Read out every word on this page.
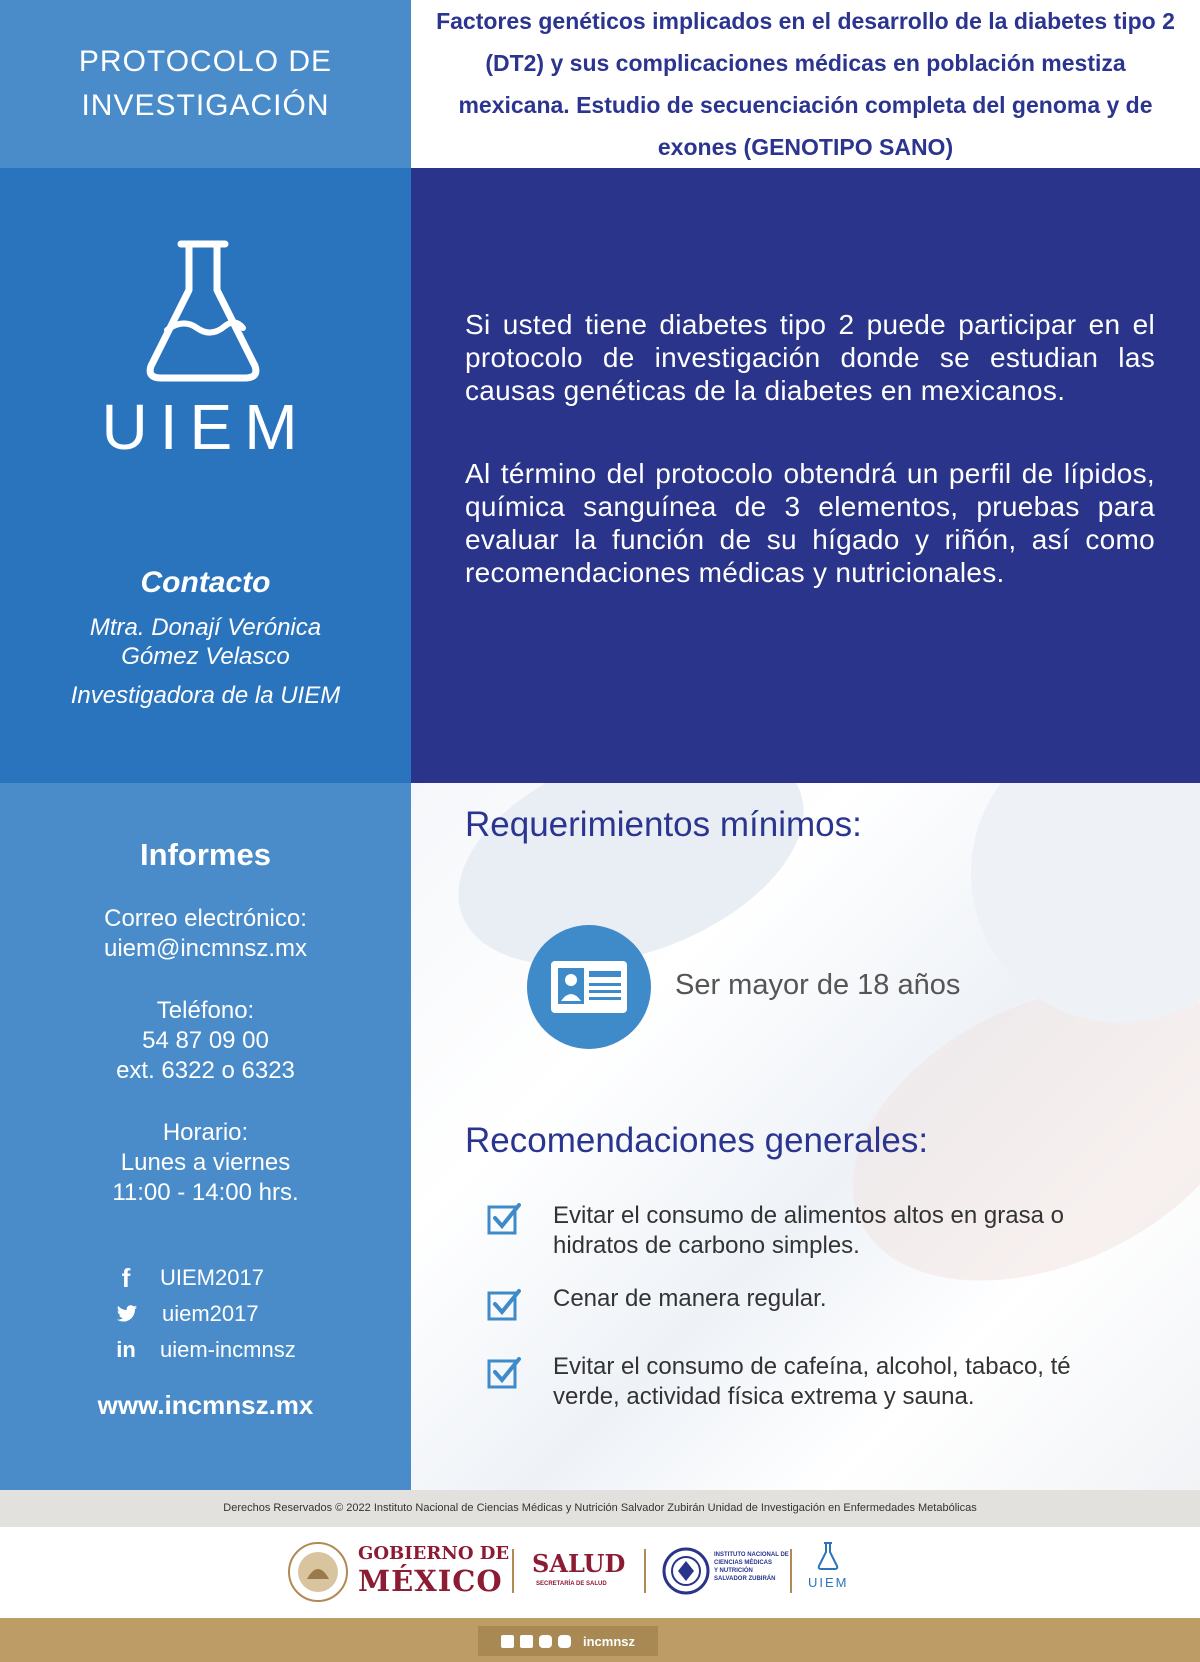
PROTOCOLO DE
INVESTIGACIÓN

Factores genéticos implicados en el desarrollo de la diabetes tipo 2 (DT2) y sus complicaciones médicas en población mestiza mexicana. Estudio de secuenciación completa del genoma y de exones (GENOTIPO SANO)

UIEM
Contacto
Mtra. Donají Verónica
Gómez Velasco
Investigadora de la UIEM

Si usted tiene diabetes tipo 2 puede participar en el protocolo de investigación donde se estudian las causas genéticas de la diabetes en mexicanos.

Al término del protocolo obtendrá un perfil de lípidos, química sanguínea de 3 elementos, pruebas para evaluar la función de su hígado y riñón, así como recomendaciones médicas y nutricionales.

Informes
Correo electrónico:
uiem@incmnsz.mx
Teléfono:
54 87 09 00
ext. 6322 o 6323
Horario:
Lunes a viernes
11:00 - 14:00 hrs.
f	UIEM2017
uiem2017
in uiem-incmnsz
www.incmnsz.mx
Requerimientos mínimos:
Ser mayor de 18 años
Recomendaciones generales:
Evitar el consumo de alimentos altos en grasa o hidratos de carbono simples.
Cenar de manera regular.
Evitar el consumo de cafeína, alcohol, tabaco, té verde, actividad física extrema y sauna.
Derechos Reservados © 2022 Instituto Nacional de Ciencias Médicas y Nutrición Salvador Zubirán Unidad de Investigación en Enfermedades Metabólicas
GOBIERNO DE
MÉXICO
SALUD
SECRETARÍA DE SALUD
INSTITUTO NACIONAL DE
CIENCIAS MÉDICAS
Y NUTRICIÓN
SALVADOR ZUBIRÁN	UIEM
incmnsz
